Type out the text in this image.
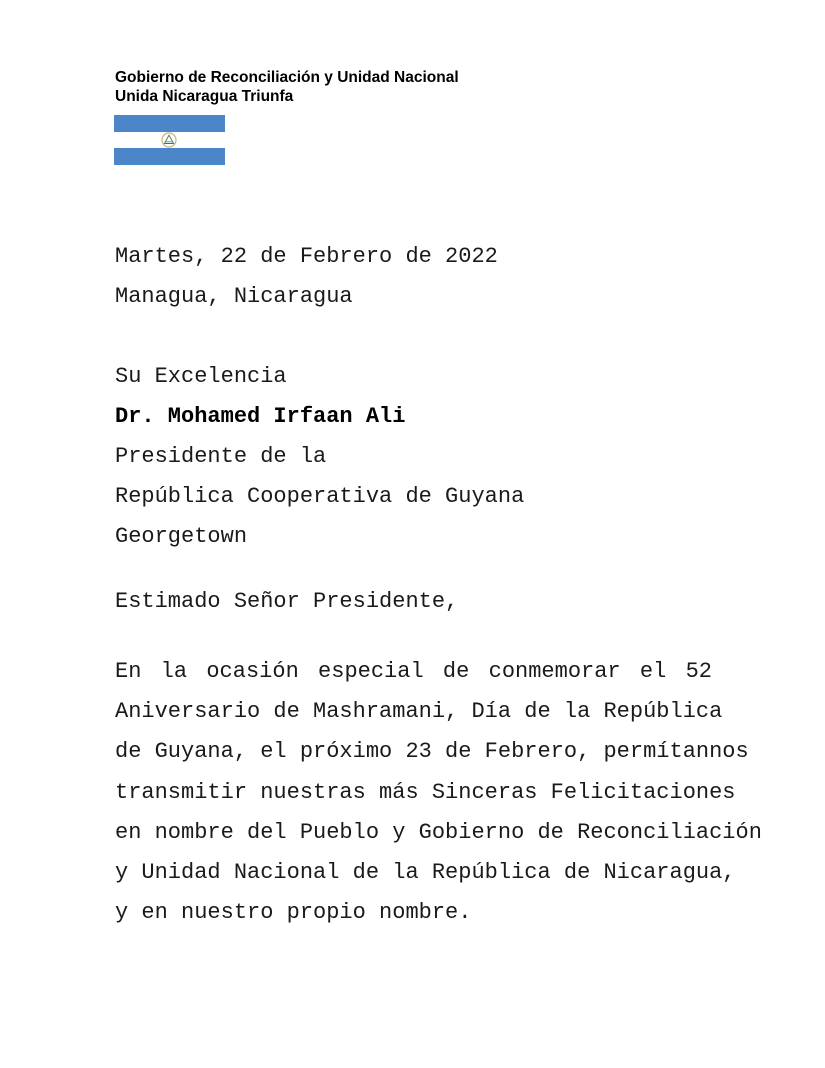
Gobierno de Reconciliación y Unidad Nacional
Unida Nicaragua Triunfa
Martes, 22 de Febrero de 2022
Managua, Nicaragua
Su Excelencia
Dr. Mohamed Irfaan Ali
Presidente de la
República Cooperativa de Guyana
Georgetown
Estimado Señor Presidente,
En la ocasión especial de conmemorar el 52
Aniversario de Mashramani, Día de la República
de Guyana, el próximo 23 de Febrero, permítannos
transmitir nuestras más Sinceras Felicitaciones
en nombre del Pueblo y Gobierno de Reconciliación
y Unidad Nacional de la República de Nicaragua,
y en nuestro propio nombre.
